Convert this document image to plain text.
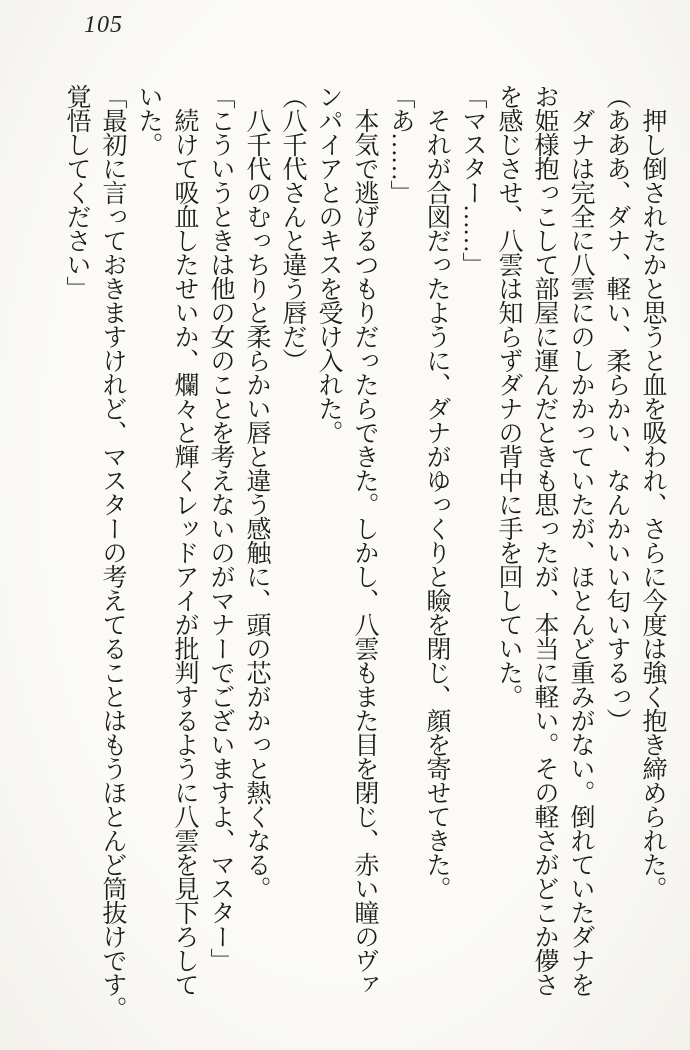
105
　押し倒されたかと思うと血を吸われ、さらに今度は強く抱き締められた。
（あああ、ダナ、軽い、柔らかい、なんかいい匂いするっ）
　ダナは完全に八雲にのしかかっていたが、ほとんど重みがない。倒れていたダナを
お姫様抱っこして部屋に運んだときも思ったが、本当に軽い。その軽さがどこか儚さ
を感じさせ、八雲は知らずダナの背中に手を回していた。
「マスター……」
　それが合図だったように、ダナがゆっくりと瞼を閉じ、顔を寄せてきた。
「あ……」
　本気で逃げるつもりだったらできた。しかし、八雲もまた目を閉じ、赤い瞳のヴァ
ンパイアとのキスを受け入れた。
（八千代さんと違う唇だ）
　八千代のむっちりと柔らかい唇と違う感触に、頭の芯がかっと熱くなる。
「こういうときは他の女のことを考えないのがマナーでございますよ、マスター」
　続けて吸血したせいか、爛々と輝くレッドアイが批判するように八雲を見下ろして
いた。
「最初に言っておきますけれど、マスターの考えてることはもうほとんど筒抜けです。
覚悟してください」
